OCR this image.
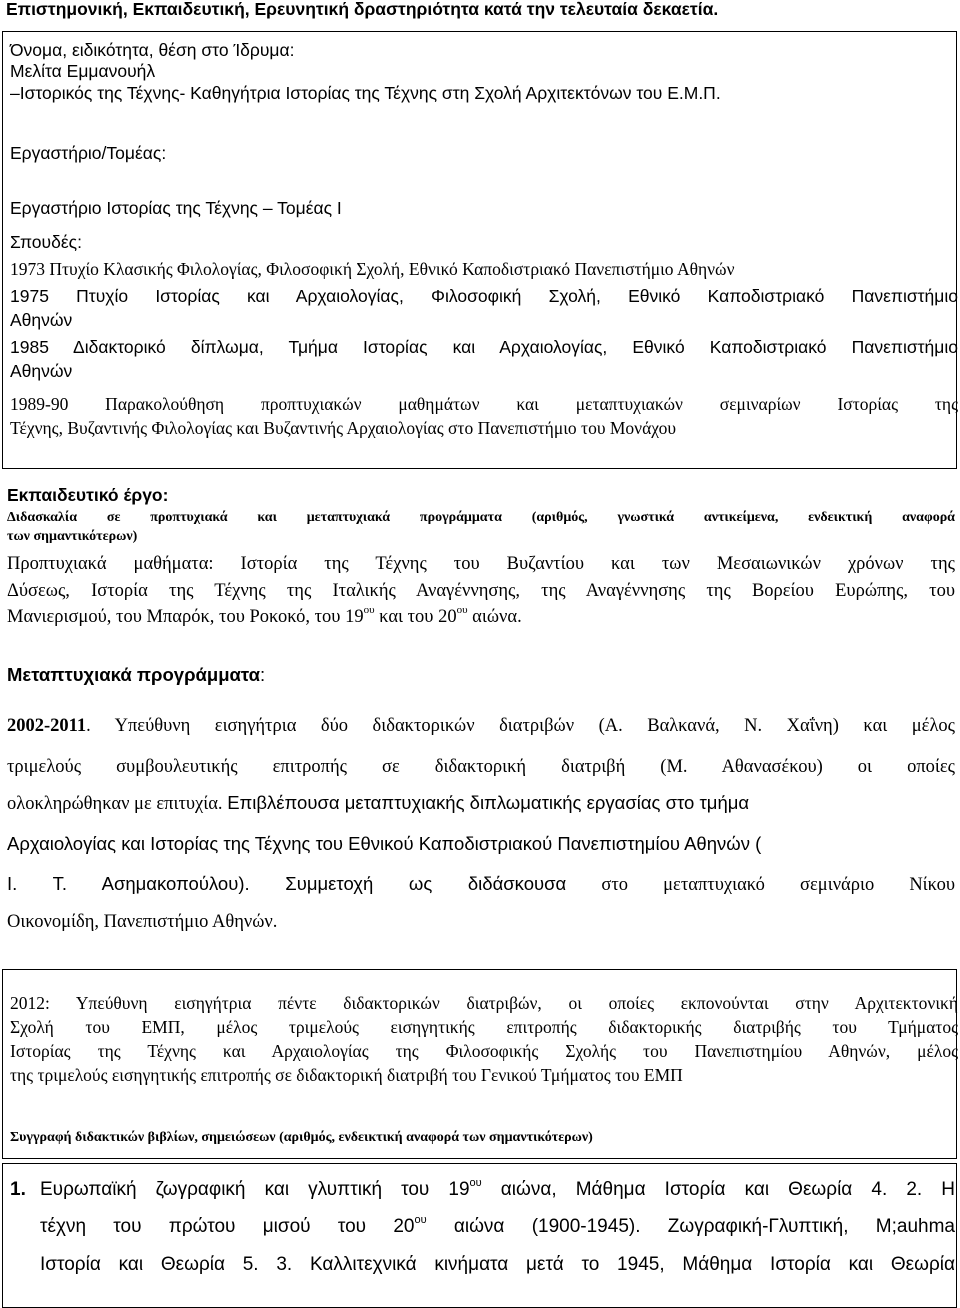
Επιστημονική, Εκπαιδευτική, Ερευνητική δραστηριότητα κατά την τελευταία δεκαετία.
Όνομα, ειδικότητα, θέση στο Ίδρυμα:
Μελίτα Εμμανουήλ
–Ιστορικός της Τέχνης- Καθηγήτρια Ιστορίας της Τέχνης στη Σχολή Αρχιτεκτόνων του Ε.Μ.Π.
Εργαστήριο/Τομέας:
Εργαστήριο Ιστορίας της Τέχνης – Τομέας Ι
Σπουδές:
1973 Πτυχίο Κλασικής Φιλολογίας, Φιλοσοφική Σχολή, Εθνικό Καποδιστριακό Πανεπιστήμιο Αθηνών
1975 Πτυχίο Ιστορίας και Αρχαιολογίας, Φιλοσοφική Σχολή, Εθνικό Καποδιστριακό Πανεπιστήμιο
Αθηνών
1985 Διδακτορικό δίπλωμα, Τμήμα Ιστορίας και Αρχαιολογίας, Εθνικό Καποδιστριακό Πανεπιστήμιο
Αθηνών
1989-90 Παρακολούθηση προπτυχιακών μαθημάτων και μεταπτυχιακών σεμιναρίων Ιστορίας της
Τέχνης, Βυζαντινής Φιλολογίας και Βυζαντινής Αρχαιολογίας στο Πανεπιστήμιο του Μονάχου
Εκπαιδευτικό έργο:
Διδασκαλία σε προπτυχιακά και μεταπτυχιακά προγράμματα (αριθμός, γνωστικά αντικείμενα, ενδεικτική αναφορά
των σημαντικότερων)
Προπτυχιακά μαθήματα: Ιστορία της Τέχνης του Βυζαντίου και των Μεσαιωνικών χρόνων της
Δύσεως, Ιστορία της Τέχνης της Ιταλικής Αναγέννησης, της Αναγέννησης της Βορείου Ευρώπης, του
Μανιερισμού, του Μπαρόκ, του Ροκοκό, του $19^{o\upsilon}$ και του $20^{o\upsilon}$ αιώνα.
Μεταπτυχιακά προγράμματα:
2002-2011. Υπεύθυνη εισηγήτρια δύο διδακτορικών διατριβών (Α. Βαλκανά, Ν. Χαΐνη) και μέλος
τριμελούς συμβουλευτικής επιτροπής σε διδακτορική διατριβή (Μ. Αθανασέκου) οι οποίες
ολοκληρώθηκαν με επιτυχία. Επιβλέπουσα μεταπτυχιακής διπλωματικής εργασίας στο τμήμα
Αρχαιολογίας και Ιστορίας της Τέχνης του Εθνικού Καποδιστριακού Πανεπιστημίου Αθηνών (
Ι. Τ. Ασημακοπούλου). Συμμετοχή ως διδάσκουσα στο μεταπτυχιακό σεμινάριο Νίκου
Οικονομίδη, Πανεπιστήμιο Αθηνών.
2012: Υπεύθυνη εισηγήτρια πέντε διδακτορικών διατριβών, οι οποίες εκπονούνται στην Αρχιτεκτονική
Σχολή του ΕΜΠ, μέλος τριμελούς εισηγητικής επιτροπής διδακτορικής διατριβής του Τμήματος
Ιστορίας της Τέχνης και Αρχαιολογίας της Φιλοσοφικής Σχολής του Πανεπιστημίου Αθηνών, μέλος
της τριμελούς εισηγητικής επιτροπής σε διδακτορική διατριβή του Γενικού Τμήματος του ΕΜΠ
Συγγραφή διδακτικών βιβλίων, σημειώσεων (αριθμός, ενδεικτική αναφορά των σημαντικότερων)
1. Ευρωπαϊκή ζωγραφική και γλυπτική του $19^{o\upsilon}$ αιώνα, Μάθημα Ιστορία και Θεωρία 4. 2. Η
τέχνη του πρώτου μισού του $20^{o\upsilon}$ αιώνα (1900-1945). Ζωγραφική-Γλυπτική, Μ;auhma
Ιστορία και Θεωρία 5. 3. Καλλιτεχνικά κινήματα μετά το 1945, Μάθημα Ιστορία και Θεωρία
